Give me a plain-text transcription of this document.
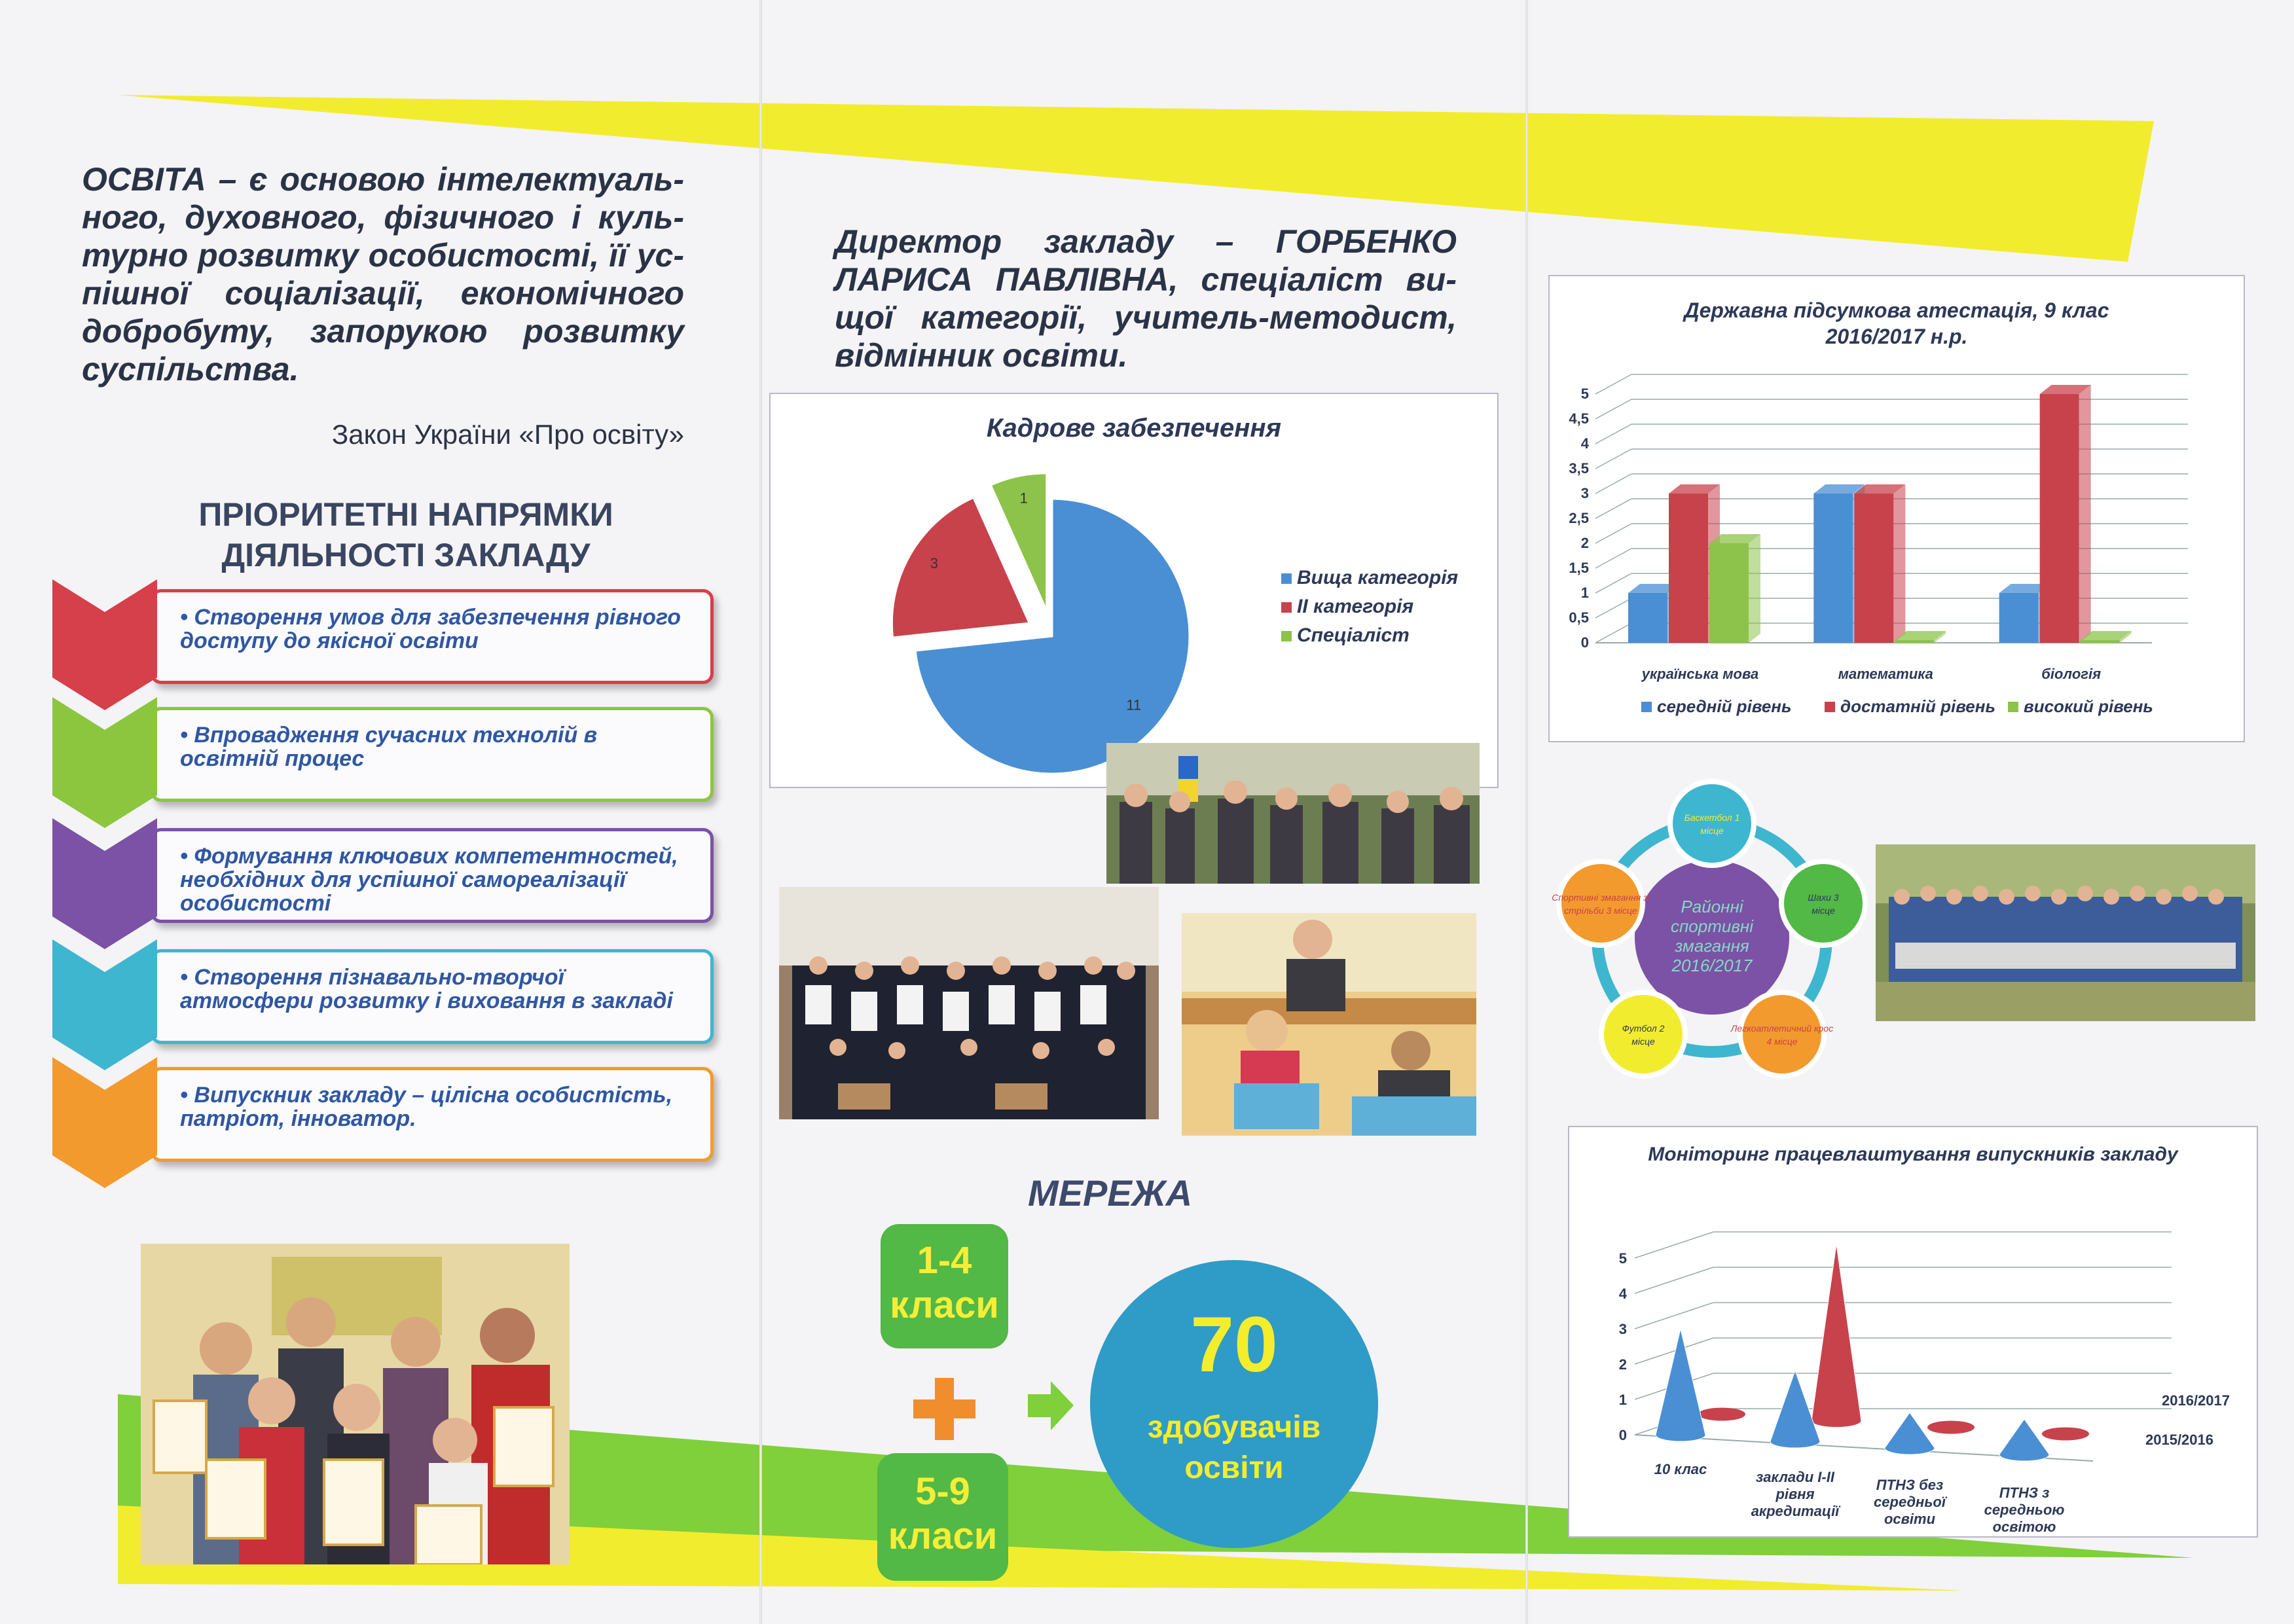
ОСВІТА – є основою інтелектуального, духовного, фізичного і культурно розвитку особистості, її успішної соціалізації, економічного добробуту, запорукою розвитку суспільства.
Закон України «Про освіту»
ПРІОРИТЕТНІ НАПРЯМКИ
ДІЯЛЬНОСТІ ЗАКЛАДУ
• Створення умов для забезпечення рівного доступу до якісної освіти
• Впровадження сучасних технолій в освітній процес
• Формування ключових компетентностей, необхідних для успішної самореалізації особистості
• Створення пізнавально-творчої атмосфери розвитку і виховання в закладі
• Випускник закладу – цілісна особистість, патріот, інноватор.
Директор закладу – ГОРБЕНКО ЛАРИСА ПАВЛІВНА, спеціаліст вищої категорії, учитель-методист, відмінник освіти.
Кадрове забезпечення
11
3
1
Вища категорія
ІІ категорія
Спеціаліст
МЕРЕЖА
1-4
класи
5-9
класи
70
здобувачів
освіти
Державна підсумкова атестація, 9 клас
2016/2017 н.р.
0
0,5
1
1,5
2
2,5
3
3,5
4
4,5
5
українська мова	математика	біологія
середній рівень	достатній рівень високий рівень
Районні спортивні змагання 2016/2017
Баскетбол 1
місце
Шахи 3
місце
Легкоатлетичний крос
4 місце
Футбол 2
місце
Спортивні змагання зі
стрільби 3 місце
Моніторинг працевлаштування випускників закладу
0
1
2
3
4
5
10 клас	заклади І-ІІ
рівня
акредитації
ПТНЗ без
середньої
освіти
ПТНЗ з
середньою
освітою
2016/2017
2015/2016
